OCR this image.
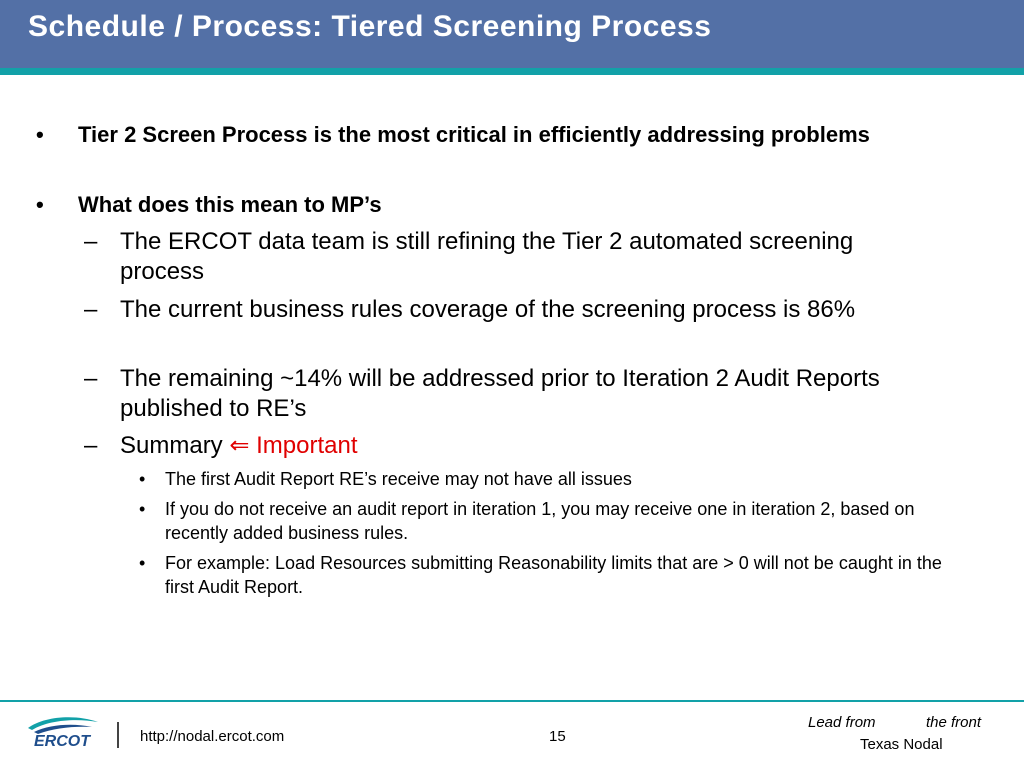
Schedule / Process: Tiered Screening Process
• Tier 2 Screen Process is the most critical in efficiently addressing problems
• What does this mean to MP’s
– The ERCOT data team is still refining the Tier 2 automated screening process
– The current business rules coverage of the screening process is 86%
– The remaining ~14% will be addressed prior to Iteration 2 Audit Reports published to RE’s
– Summary ⇐ Important
• The first Audit Report RE’s receive may not have all issues
• If you do not receive an audit report in iteration 1, you may receive one in iteration 2, based on recently added business rules.
• For example: Load Resources submitting Reasonability limits that are > 0 will not be caught in the first Audit Report.
ERCOT	http://nodal.ercot.com	15
Lead from	the front
Texas Nodal
